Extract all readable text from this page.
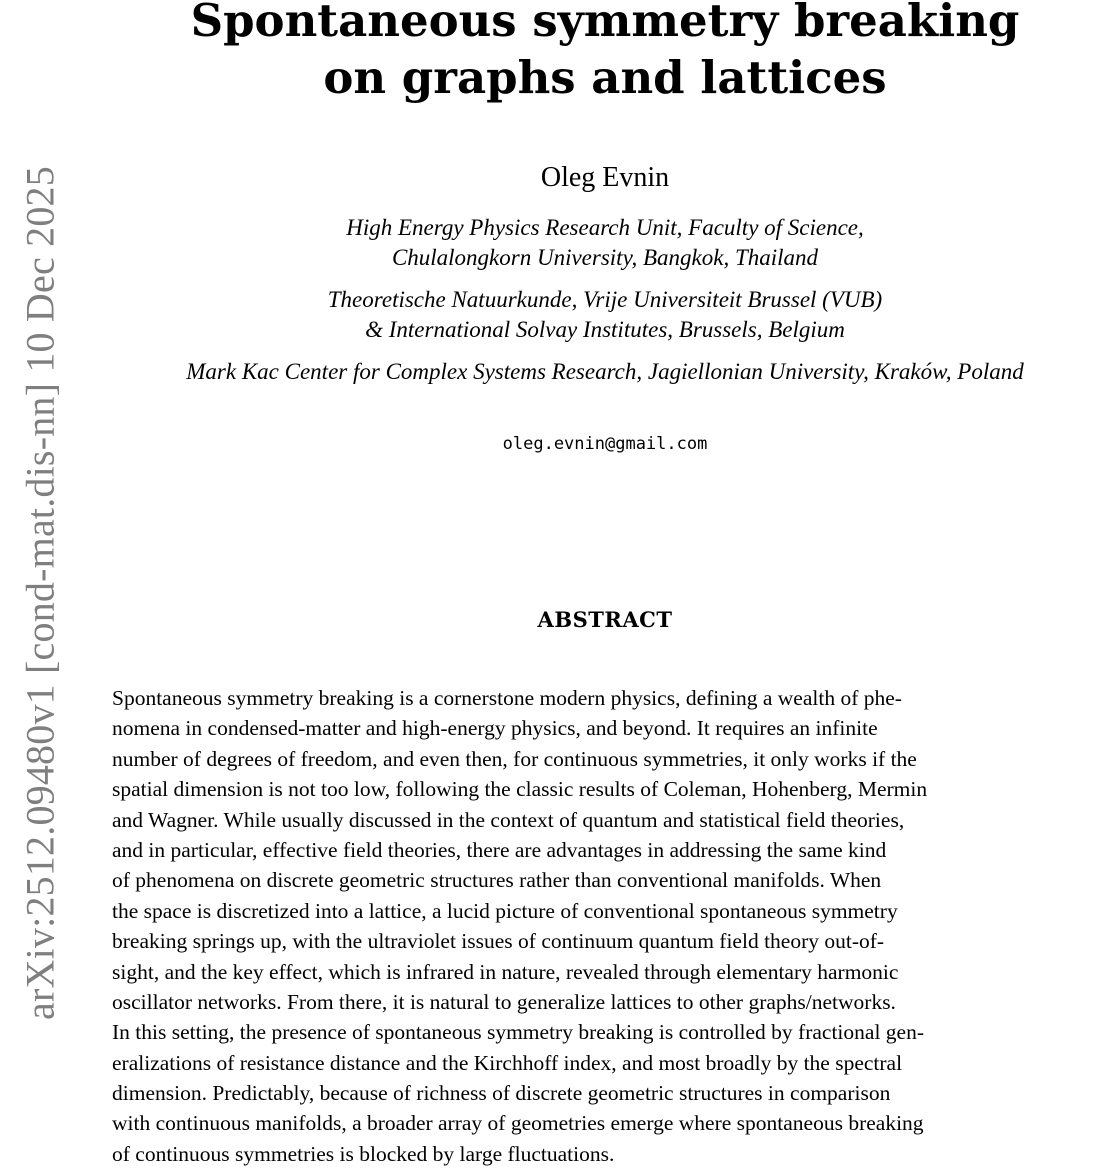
arXiv:2512.09480v1 [cond-mat.dis-nn] 10 Dec 2025
Spontaneous symmetry breaking
on graphs and lattices
Oleg Evnin
High Energy Physics Research Unit, Faculty of Science,
Chulalongkorn University, Bangkok, Thailand
Theoretische Natuurkunde, Vrije Universiteit Brussel (VUB)
& International Solvay Institutes, Brussels, Belgium
Mark Kac Center for Complex Systems Research, Jagiellonian University, Kraków, Poland
oleg.evnin@gmail.com
ABSTRACT
Spontaneous symmetry breaking is a cornerstone modern physics, defining a wealth of phe-
nomena in condensed-matter and high-energy physics, and beyond. It requires an infinite
number of degrees of freedom, and even then, for continuous symmetries, it only works if the
spatial dimension is not too low, following the classic results of Coleman, Hohenberg, Mermin
and Wagner. While usually discussed in the context of quantum and statistical field theories,
and in particular, effective field theories, there are advantages in addressing the same kind
of phenomena on discrete geometric structures rather than conventional manifolds. When
the space is discretized into a lattice, a lucid picture of conventional spontaneous symmetry
breaking springs up, with the ultraviolet issues of continuum quantum field theory out-of-
sight, and the key effect, which is infrared in nature, revealed through elementary harmonic
oscillator networks. From there, it is natural to generalize lattices to other graphs/networks.
In this setting, the presence of spontaneous symmetry breaking is controlled by fractional gen-
eralizations of resistance distance and the Kirchhoff index, and most broadly by the spectral
dimension. Predictably, because of richness of discrete geometric structures in comparison
with continuous manifolds, a broader array of geometries emerge where spontaneous breaking
of continuous symmetries is blocked by large fluctuations.
